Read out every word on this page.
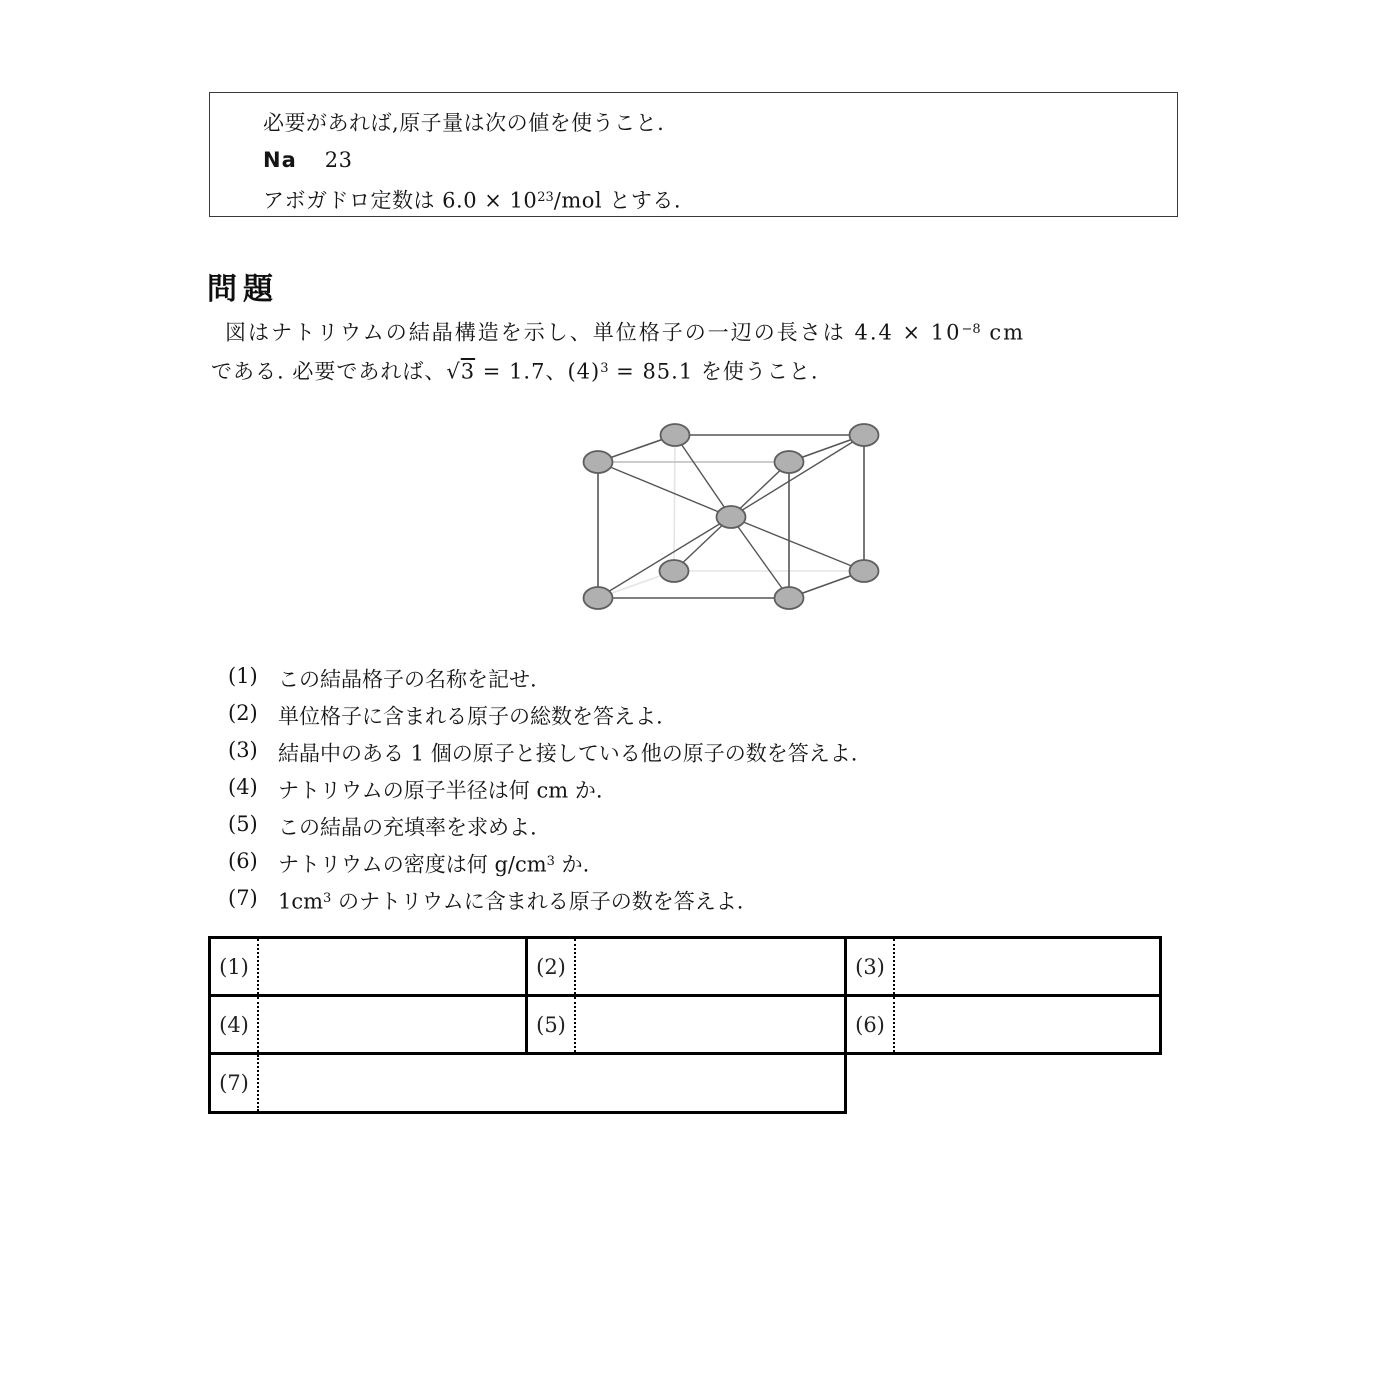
必要があれば,原子量は次の値を使うこと.
Na 23
アボガドロ定数は $6.0 \times 10^{23}$/mol とする.
問題
図はナトリウムの結晶構造を示し、単位格子の一辺の長さは $4.4 \times 10^{-8}$ cm
である. 必要であれば、√3 = 1.7、$(4)^3 = 85.1$ を使うこと.
(1) この結晶格子の名称を記せ.
(2) 単位格子に含まれる原子の総数を答えよ.
(3) 結晶中のある 1 個の原子と接している他の原子の数を答えよ.
(4) ナトリウムの原子半径は何 cm か.
(5) この結晶の充填率を求めよ.
(6) ナトリウムの密度は何 $g/cm^3$ か.
(7) $1cm^3$ のナトリウムに含まれる原子の数を答えよ.
(1)	(2)	(3)

(4)	(5)	(6)

(7)		
